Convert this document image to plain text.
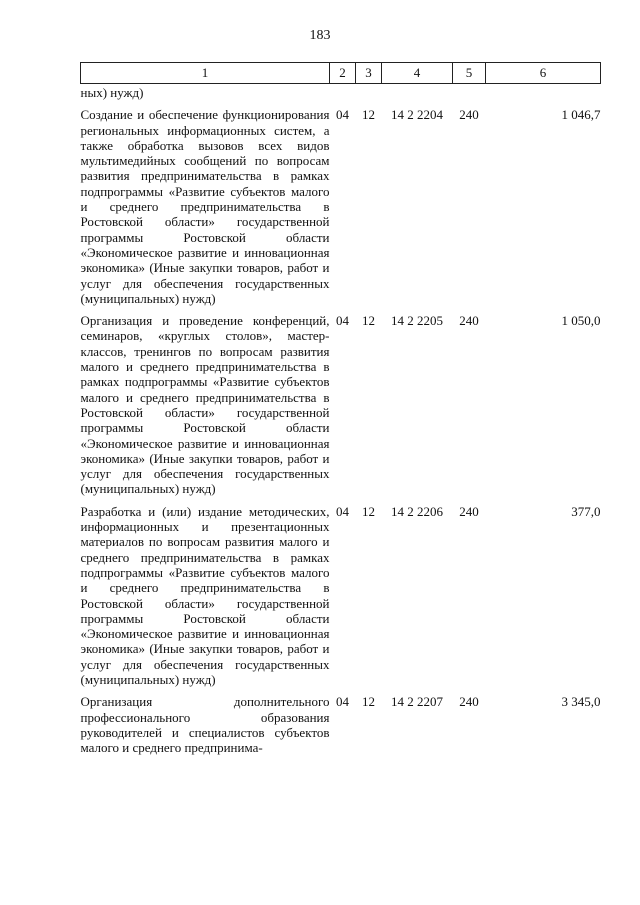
183
1	2	3	4	5	6
ных) нужд)					
Создание и обеспечение функционирования региональных информационных систем, а также обработка вызовов всех видов мультимедийных сообщений по вопросам развития предпринимательства в рамках подпрограммы «Развитие субъектов малого и среднего предпринимательства в Ростовской области» государственной программы Ростовской области «Экономическое развитие и инновационная экономика» (Иные закупки товаров, работ и услуг для обеспечения государственных (муниципальных) нужд)	04	12	14 2 2204	240	1 046,7
Организация и проведение конференций, семинаров, «круглых столов», мастер-классов, тренингов по вопросам развития малого и среднего предпринимательства в рамках подпрограммы «Развитие субъектов малого и среднего предпринимательства в Ростовской области» государственной программы Ростовской области «Экономическое развитие и инновационная экономика» (Иные закупки товаров, работ и услуг для обеспечения государственных (муниципальных) нужд)	04	12	14 2 2205	240	1 050,0
Разработка и (или) издание методических, информационных и презентационных материалов по вопросам развития малого и среднего предпринимательства в рамках подпрограммы «Развитие субъектов малого и среднего предпринимательства в Ростовской области» государственной программы Ростовской области «Экономическое развитие и инновационная экономика» (Иные закупки товаров, работ и услуг для обеспечения государственных (муниципальных) нужд)	04	12	14 2 2206	240	377,0
Организация дополнительного профессионального образования руководителей и специалистов субъектов малого и среднего предпринима-	04	12	14 2 2207	240	3 345,0
